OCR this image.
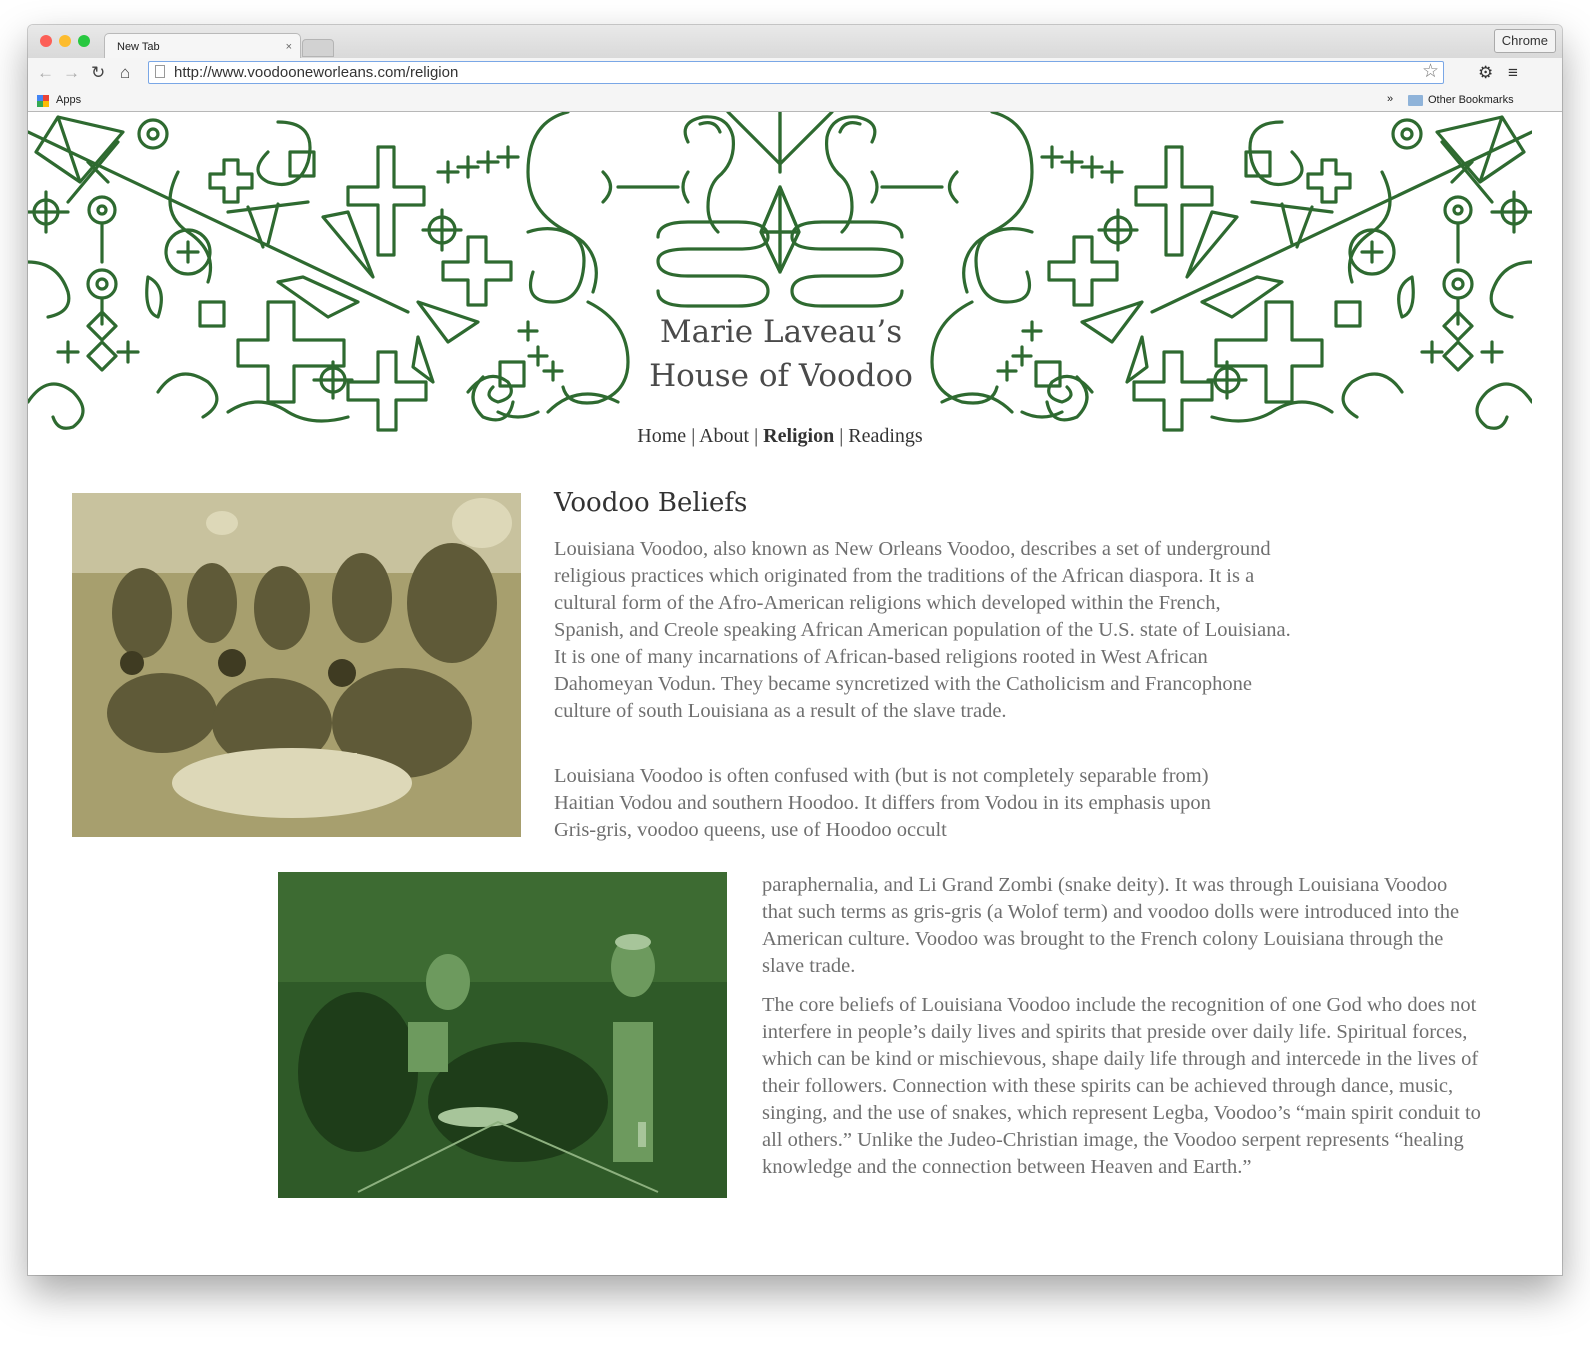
New Tab	×	Chrome
← → ↻ ⌂	http://www.voodooneworleans.com/religion	☆ ⚙ ≡
Apps	»	Other Bookmarks
Marie Laveau’s
House of Voodoo
Home | About | Religion | Readings
Voodoo Beliefs

Louisiana Voodoo, also known as New Orleans Voodoo, describes a set of underground religious practices which originated from the traditions of the African diaspora. It is a cultural form of the Afro-American religions which developed within the French, Spanish, and Creole speaking African American population of the U.S. state of Louisiana. It is one of many incarnations of African-based religions rooted in West African Dahomeyan Vodun. They became syncretized with the Catholicism and Francophone culture of south Louisiana as a result of the slave trade.

Louisiana Voodoo is often confused with (but is not completely separable from) Haitian Vodou and southern Hoodoo. It differs from Vodou in its emphasis upon Gris-gris, voodoo queens, use of Hoodoo occult

paraphernalia, and Li Grand Zombi (snake deity). It was through Louisiana Voodoo that such terms as gris-gris (a Wolof term) and voodoo dolls were introduced into the American culture. Voodoo was brought to the French colony Louisiana through the slave trade.

The core beliefs of Louisiana Voodoo include the recognition of one God who does not interfere in people’s daily lives and spirits that preside over daily life. Spiritual forces, which can be kind or mischievous, shape daily life through and intercede in the lives of their followers. Connection with these spirits can be achieved through dance, music, singing, and the use of snakes, which represent Legba, Voodoo’s “main spirit conduit to all others.” Unlike the Judeo-Christian image, the Voodoo serpent represents “healing knowledge and the connection between Heaven and Earth.”
